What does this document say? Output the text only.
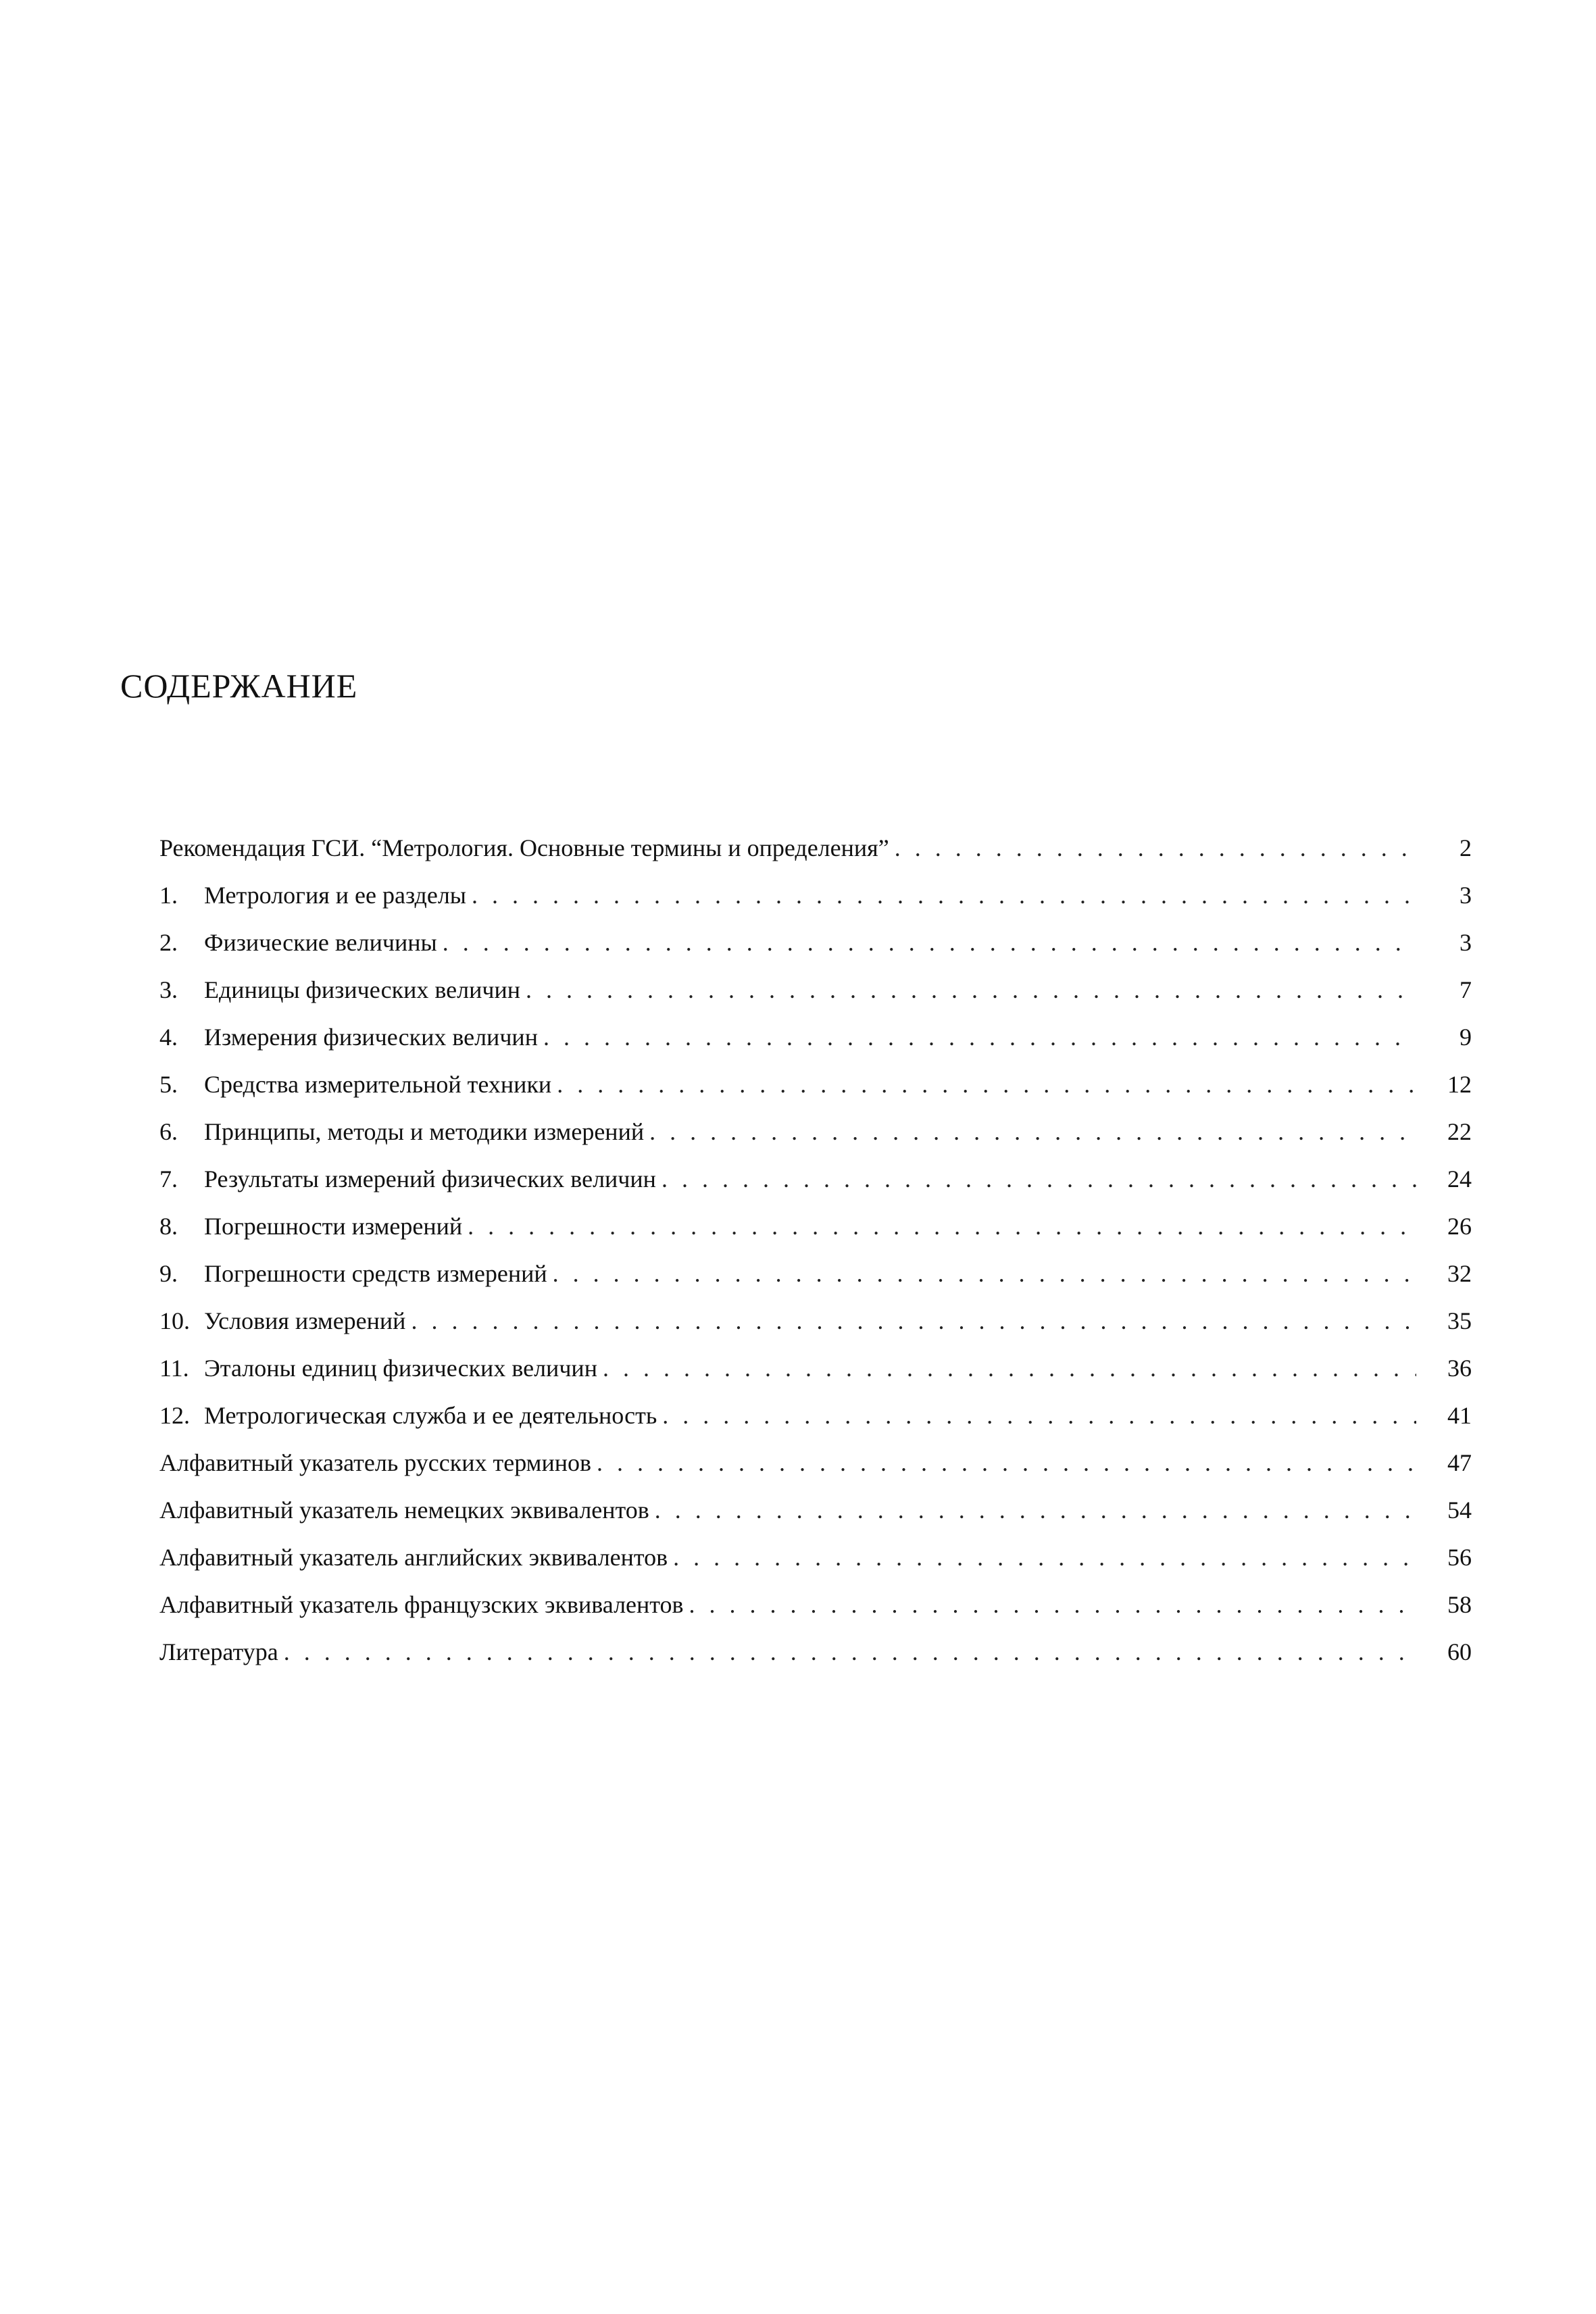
СОДЕРЖАНИЕ
Рекомендация ГСИ. “Метрология. Основные термины и определения” . . .	2
1.	Метрология и ее разделы . . .	3
2.	Физические величины . . .	3
3.	Единицы физических величин . . .	7
4.	Измерения физических величин . . .	9
5.	Средства измерительной техники . . .	12
6.	Принципы, методы и методики измерений . . .	22
7.	Результаты измерений физических величин . . .	24
8.	Погрешности измерений . . .	26
9.	Погрешности средств измерений . . .	32
10. Условия измерений . . .	35
11. Эталоны единиц физических величин . . .	36
12. Метрологическая служба и ее деятельность . . .	41
Алфавитный указатель русских терминов . . .	47
Алфавитный указатель немецких эквивалентов . . .	54
Алфавитный указатель английских эквивалентов . . .	56
Алфавитный указатель французских эквивалентов . . .	58
Литература . . .	60
